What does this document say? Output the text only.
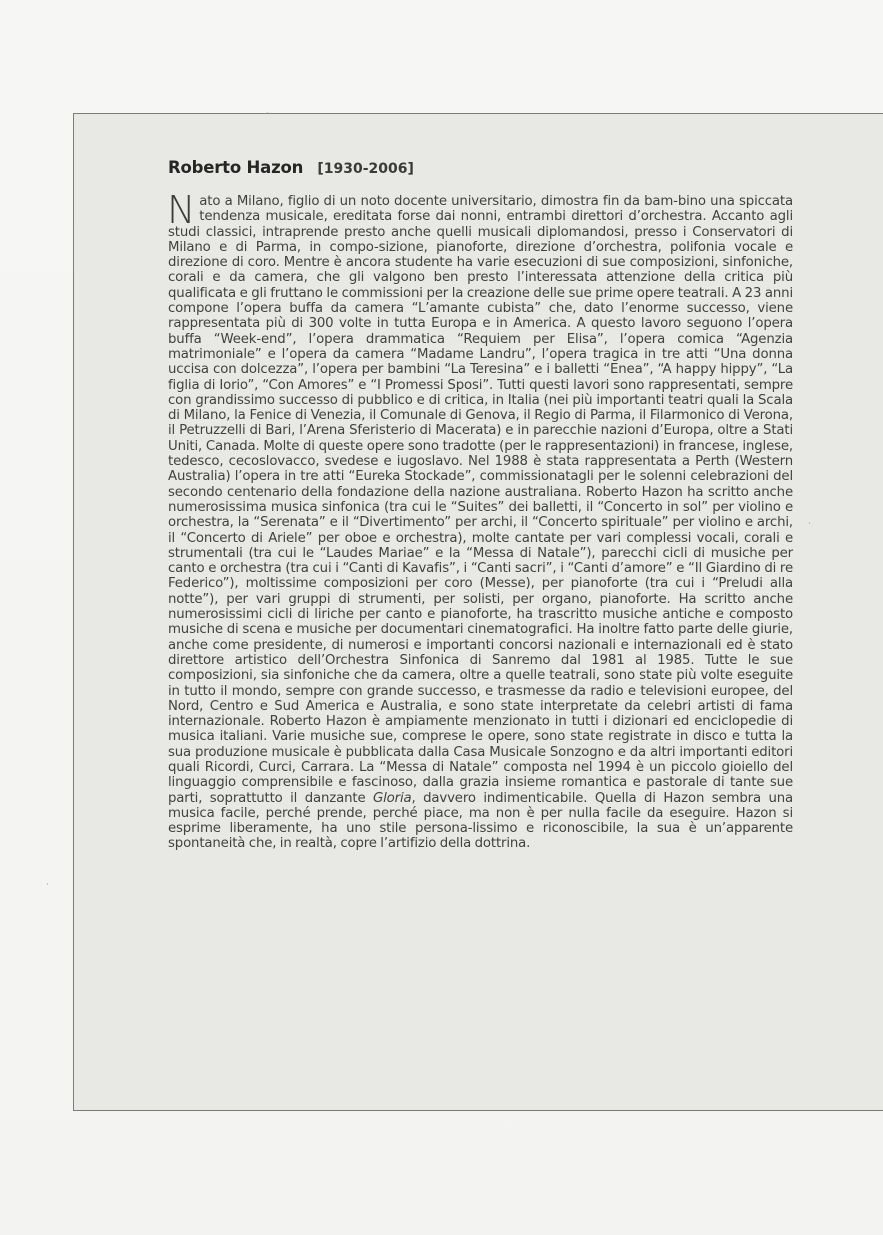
·
·
·
Roberto Hazon [1930-2006]

Nato a Milano, figlio di un noto docente universitario, dimostra fin da bam-bino una spiccata tendenza musicale, ereditata forse dai nonni, entrambi direttori d’orchestra. Accanto agli studi classici, intraprende presto anche quelli musicali diplomandosi, presso i Conservatori di Milano e di Parma, in compo-sizione, pianoforte, direzione d’orchestra, polifonia vocale e direzione di coro. Mentre è ancora studente ha varie esecuzioni di sue composizioni, sinfoniche, corali e da camera, che gli valgono ben presto l’interessata attenzione della critica più qualificata e gli fruttano le commissioni per la creazione delle sue prime opere teatrali. A 23 anni compone l’opera buffa da camera “L’amante cubista” che, dato l’enorme successo, viene rappresentata più di 300 volte in tutta Europa e in America. A questo lavoro seguono l’opera buffa “Week-end”, l’opera drammatica “Requiem per Elisa”, l’opera comica “Agenzia matrimoniale” e l’opera da camera “Madame Landru”, l’opera tragica in tre atti “Una donna uccisa con dolcezza”, l’opera per bambini “La Teresina” e i balletti “Enea”, “A happy hippy”, “La figlia di Iorio”, “Con Amores” e “I Promessi Sposi”. Tutti questi lavori sono rappresentati, sempre con grandissimo successo di pubblico e di critica, in Italia (nei più importanti teatri quali la Scala di Milano, la Fenice di Venezia, il Comunale di Genova, il Regio di Parma, il Filarmonico di Verona, il Petruzzelli di Bari, l’Arena Sferisterio di Macerata) e in parecchie nazioni d’Europa, oltre a Stati Uniti, Canada. Molte di queste opere sono tradotte (per le rappresentazioni) in francese, inglese, tedesco, cecoslovacco, svedese e iugoslavo. Nel 1988 è stata rappresentata a Perth (Western Australia) l’opera in tre atti “Eureka Stockade”, commissionatagli per le solenni celebrazioni del secondo centenario della fondazione della nazione australiana. Roberto Hazon ha scritto anche numerosissima musica sinfonica (tra cui le “Suites” dei balletti, il “Concerto in sol” per violino e orchestra, la “Serenata” e il “Divertimento” per archi, il “Concerto spirituale” per violino e archi, il “Concerto di Ariele” per oboe e orchestra), molte cantate per vari complessi vocali, corali e strumentali (tra cui le “Laudes Mariae” e la “Messa di Natale”), parecchi cicli di musiche per canto e orchestra (tra cui i “Canti di Kavafis”, i “Canti sacri”, i “Canti d’amore” e “Il Giardino di re Federico”), moltissime composizioni per coro (Messe), per pianoforte (tra cui i “Preludi alla notte”), per vari gruppi di strumenti, per solisti, per organo, pianoforte. Ha scritto anche numerosissimi cicli di liriche per canto e pianoforte, ha trascritto musiche antiche e composto musiche di scena e musiche per documentari cinematografici. Ha inoltre fatto parte delle giurie, anche come presidente, di numerosi e importanti concorsi nazionali e internazionali ed è stato direttore artistico dell’Orchestra Sinfonica di Sanremo dal 1981 al 1985. Tutte le sue composizioni, sia sinfoniche che da camera, oltre a quelle teatrali, sono state più volte eseguite in tutto il mondo, sempre con grande successo, e trasmesse da radio e televisioni europee, del Nord, Centro e Sud America e Australia, e sono state interpretate da celebri artisti di fama internazionale. Roberto Hazon è ampiamente menzionato in tutti i dizionari ed enciclopedie di musica italiani. Varie musiche sue, comprese le opere, sono state registrate in disco e tutta la sua produzione musicale è pubblicata dalla Casa Musicale Sonzogno e da altri importanti editori quali Ricordi, Curci, Carrara. La “Messa di Natale” composta nel 1994 è un piccolo gioiello del linguaggio comprensibile e fascinoso, dalla grazia insieme romantica e pastorale di tante sue parti, soprattutto il danzante Gloria, davvero indimenticabile. Quella di Hazon sembra una musica facile, perché prende, perché piace, ma non è per nulla facile da eseguire. Hazon si esprime liberamente, ha uno stile persona-lissimo e riconoscibile, la sua è un’apparente spontaneità che, in realtà, copre l’artifizio della dottrina.
